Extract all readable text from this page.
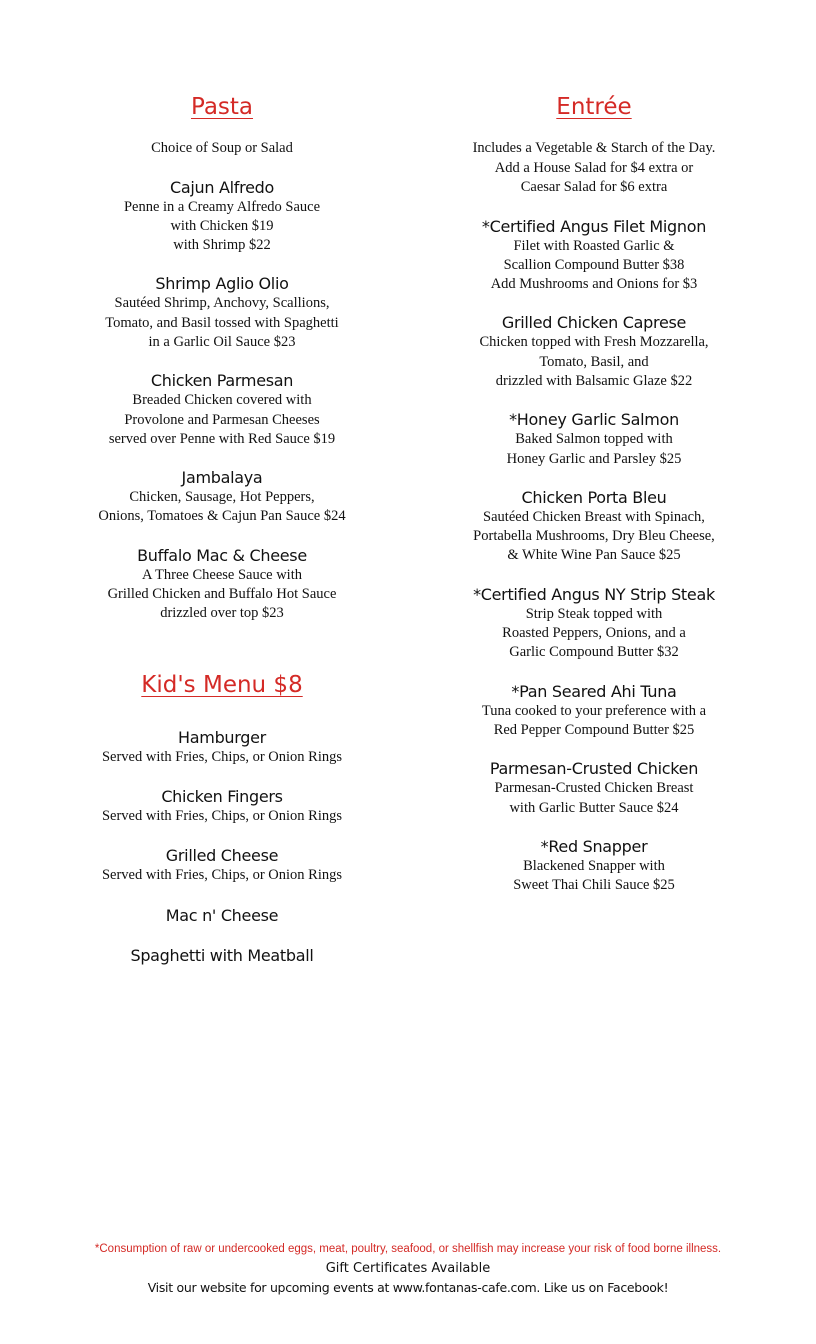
Pasta
Choice of Soup or Salad
Cajun Alfredo
Penne in a Creamy Alfredo Sauce
with Chicken $19
with Shrimp $22
Shrimp Aglio Olio
Sautéed Shrimp, Anchovy, Scallions,
Tomato, and Basil tossed with Spaghetti
in a Garlic Oil Sauce $23
Chicken Parmesan
Breaded Chicken covered with
Provolone and Parmesan Cheeses
served over Penne with Red Sauce $19
Jambalaya
Chicken, Sausage, Hot Peppers,
Onions, Tomatoes & Cajun Pan Sauce $24
Buffalo Mac & Cheese
A Three Cheese Sauce with
Grilled Chicken and Buffalo Hot Sauce
drizzled over top $23
Kid's Menu $8
Hamburger
Served with Fries, Chips, or Onion Rings
Chicken Fingers
Served with Fries, Chips, or Onion Rings
Grilled Cheese
Served with Fries, Chips, or Onion Rings
Mac n' Cheese
Spaghetti with Meatball
Entrée
Includes a Vegetable & Starch of the Day.
Add a House Salad for $4 extra or
Caesar Salad for $6 extra
*Certified Angus Filet Mignon
Filet with Roasted Garlic &
Scallion Compound Butter $38
Add Mushrooms and Onions for $3
Grilled Chicken Caprese
Chicken topped with Fresh Mozzarella,
Tomato, Basil, and
drizzled with Balsamic Glaze $22
*Honey Garlic Salmon
Baked Salmon topped with
Honey Garlic and Parsley $25
Chicken Porta Bleu
Sautéed Chicken Breast with Spinach,
Portabella Mushrooms, Dry Bleu Cheese,
& White Wine Pan Sauce $25
*Certified Angus NY Strip Steak
Strip Steak topped with
Roasted Peppers, Onions, and a
Garlic Compound Butter $32
*Pan Seared Ahi Tuna
Tuna cooked to your preference with a
Red Pepper Compound Butter $25
Parmesan-Crusted Chicken
Parmesan-Crusted Chicken Breast
with Garlic Butter Sauce $24
*Red Snapper
Blackened Snapper with
Sweet Thai Chili Sauce $25
*Consumption of raw or undercooked eggs, meat, poultry, seafood, or shellfish may increase your risk of food borne illness.
Gift Certificates Available
Visit our website for upcoming events at www.fontanas-cafe.com. Like us on Facebook!
